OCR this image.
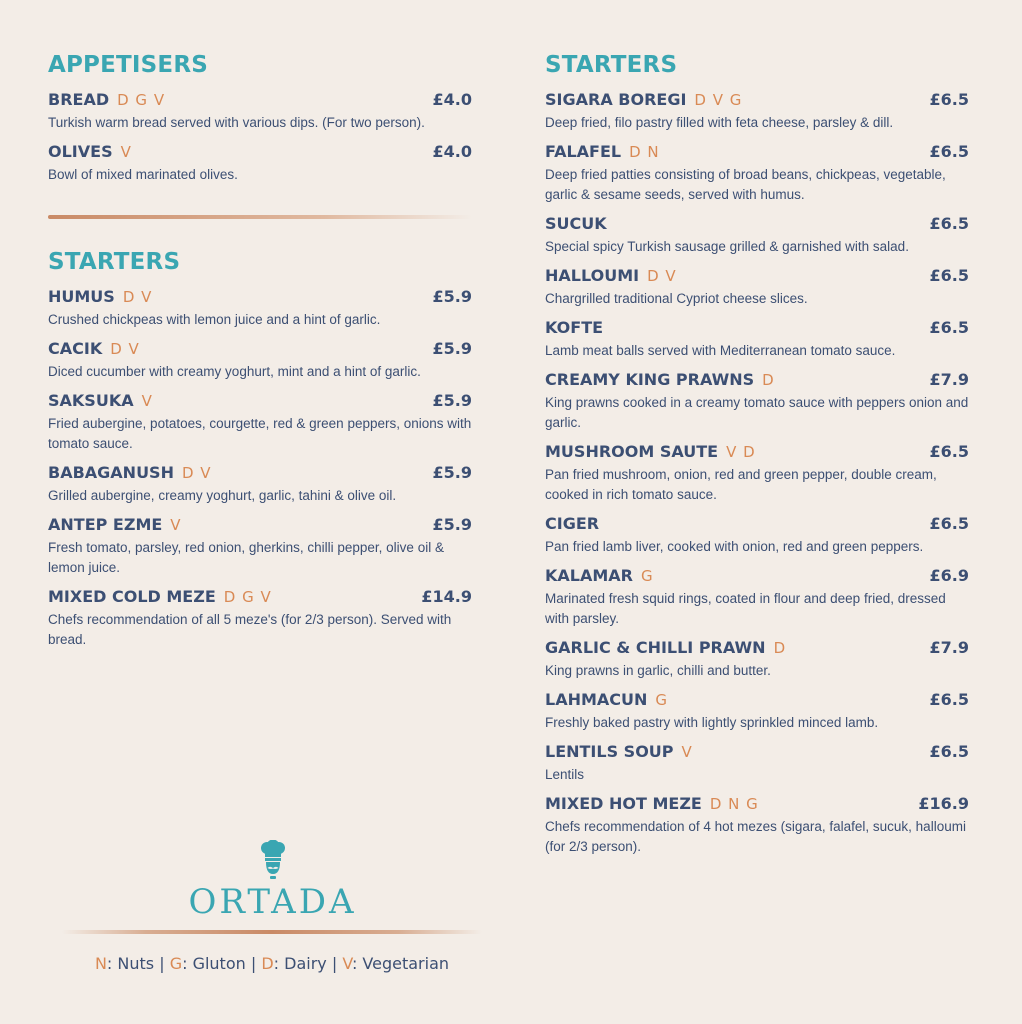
APPETISERS
BREAD D G V	£4.0
Turkish warm bread served with various dips. (For two person).
OLIVES V	£4.0
Bowl of mixed marinated olives.
STARTERS
HUMUS D V	£5.9
Crushed chickpeas with lemon juice and a hint of garlic.
CACIK D V	£5.9
Diced cucumber with creamy yoghurt, mint and a hint of garlic.
SAKSUKA V	£5.9
Fried aubergine, potatoes, courgette, red & green peppers, onions with tomato sauce.
BABAGANUSH D V	£5.9
Grilled aubergine, creamy yoghurt, garlic, tahini & olive oil.
ANTEP EZME V	£5.9
Fresh tomato, parsley, red onion, gherkins, chilli pepper, olive oil & lemon juice.
MIXED COLD MEZE D G V	£14.9
Chefs recommendation of all 5 meze's (for 2/3 person). Served with bread.
STARTERS
SIGARA BOREGI D V G	£6.5
Deep fried, filo pastry filled with feta cheese, parsley & dill.
FALAFEL D N	£6.5
Deep fried patties consisting of broad beans, chickpeas, vegetable, garlic & sesame seeds, served with humus.
SUCUK	£6.5
Special spicy Turkish sausage grilled & garnished with salad.
HALLOUMI D V	£6.5
Chargrilled traditional Cypriot cheese slices.
KOFTE	£6.5
Lamb meat balls served with Mediterranean tomato sauce.
CREAMY KING PRAWNS D	£7.9
King prawns cooked in a creamy tomato sauce with peppers onion and garlic.
MUSHROOM SAUTE V D	£6.5
Pan fried mushroom, onion, red and green pepper, double cream, cooked in rich tomato sauce.
CIGER	£6.5
Pan fried lamb liver, cooked with onion, red and green peppers.
KALAMAR G	£6.9
Marinated fresh squid rings, coated in flour and deep fried, dressed with parsley.
GARLIC & CHILLI PRAWN D	£7.9
King prawns in garlic, chilli and butter.
LAHMACUN G	£6.5
Freshly baked pastry with lightly sprinkled minced lamb.
LENTILS SOUP V	£6.5
Lentils
MIXED HOT MEZE D N G	£16.9
Chefs recommendation of 4 hot mezes (sigara, falafel, sucuk, halloumi (for 2/3 person).
ORTADA
N: Nuts | G: Gluton | D: Dairy | V: Vegetarian
